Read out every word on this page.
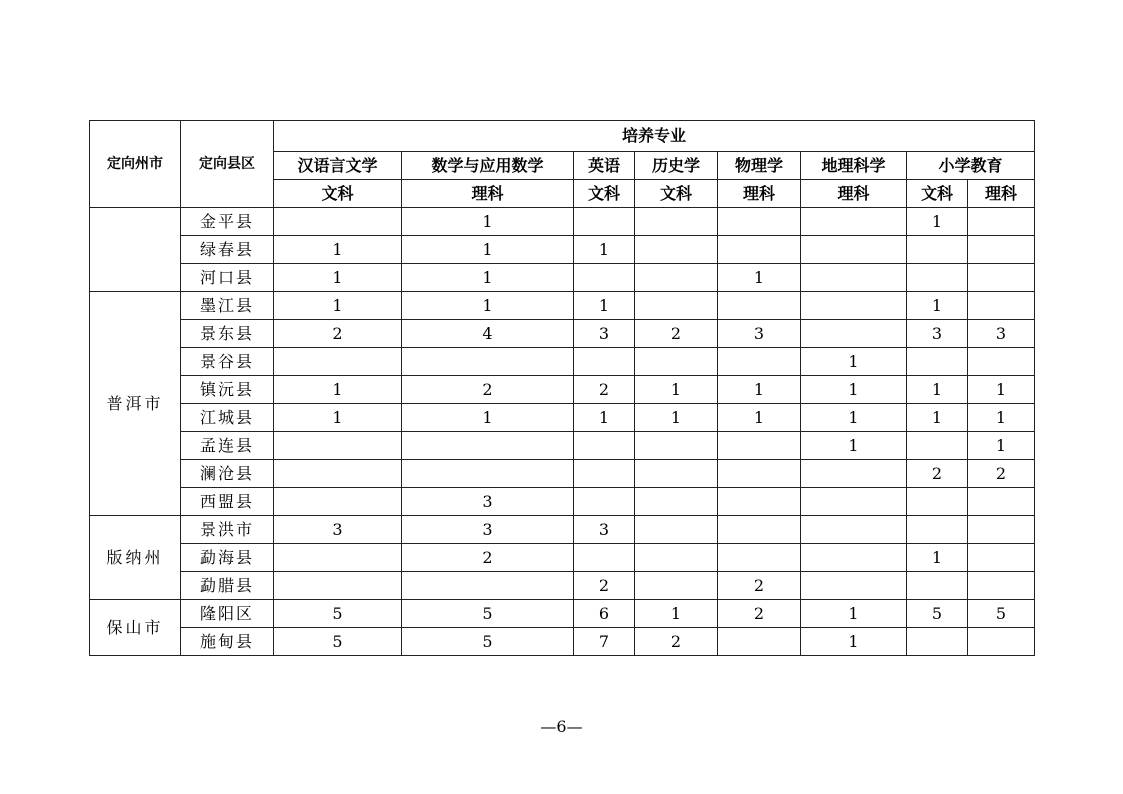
定向州市	定向县区	培养专业							
		汉语言文学	数学与应用数学	英语	历史学	物理学	地理科学	小学教育	
		文科	理科	文科	文科	理科	理科	文科	理科
	金平县		1					1	
	绿春县	1	1	1					
	河口县	1	1			1			
普洱市	墨江县	1	1	1				1	
	景东县	2	4	3	2	3		3	3
	景谷县						1		
	镇沅县	1	2	2	1	1	1	1	1
	江城县	1	1	1	1	1	1	1	1
	孟连县						1		1
	澜沧县							2	2
	西盟县		3						
版纳州	景洪市	3	3	3					
	勐海县		2					1	
	勐腊县			2		2			
保山市	隆阳区	5	5	6	1	2	1	5	5
	施甸县	5	5	7	2		1		
—6—
